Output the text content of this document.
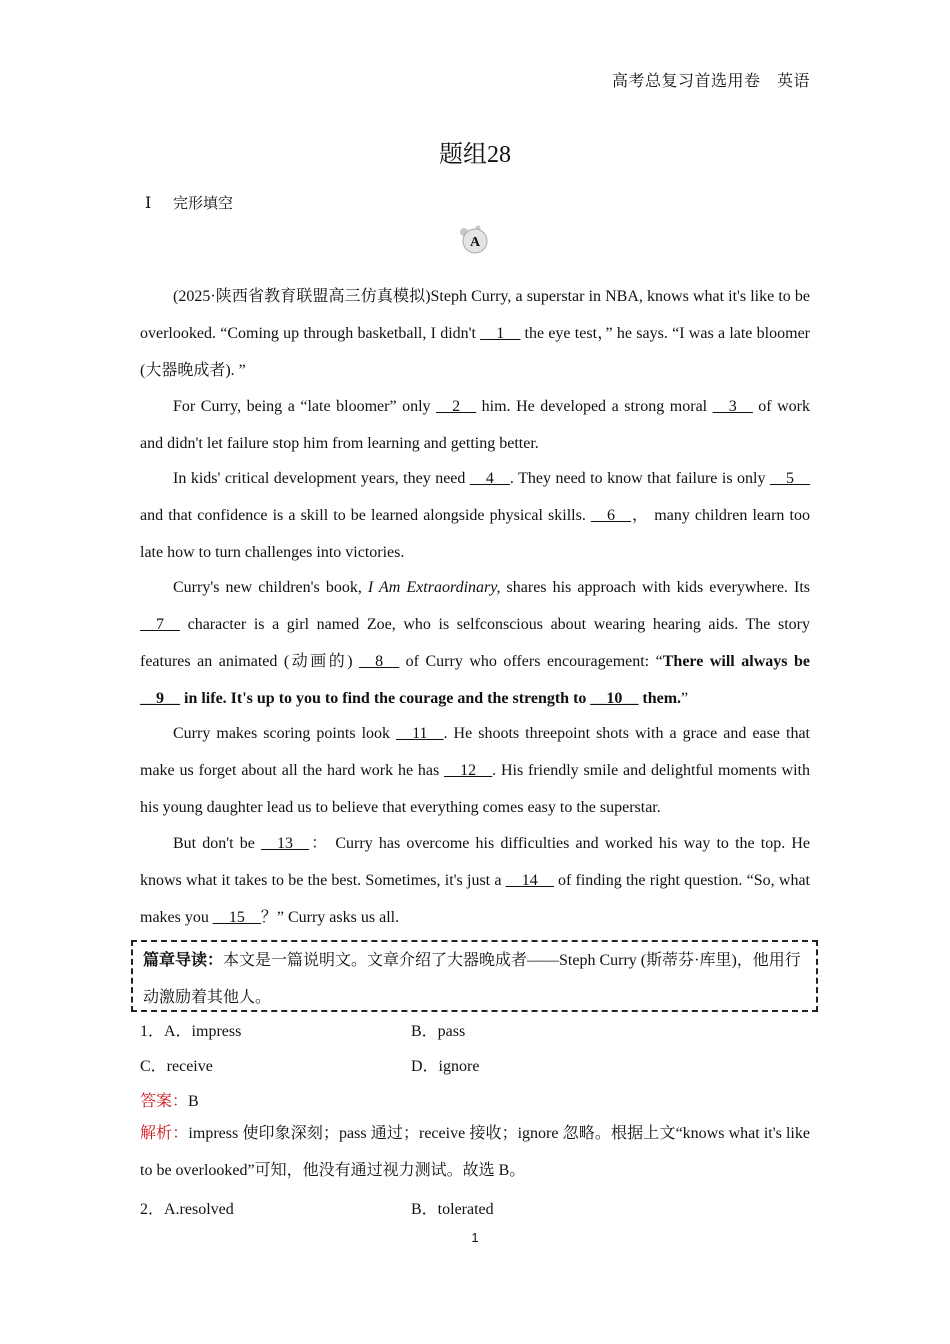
高考总复习首选用卷　英语
题组28
Ⅰ 完形填空
A

(2025·陕西省教育联盟高三仿真模拟)Steph Curry, a superstar in NBA, knows what it's like to be overlooked. “Coming up through basketball, I didn't __1__ the eye test，” he says. “I was a late bloomer (大器晚成者). ”

For Curry, being a “late bloomer” only __2__ him. He developed a strong moral __3__ of work and didn't let failure stop him from learning and getting better.

In kids' critical development years, they need __4__. They need to know that failure is only __5__ and that confidence is a skill to be learned alongside physical skills. __6__， many children learn too late how to turn challenges into victories.

Curry's new children's book, I Am Extraordinary, shares his approach with kids everywhere. Its __7__ character is a girl named Zoe, who is selfconscious about wearing hearing aids. The story features an animated (动画的) __8__ of Curry who offers encouragement: “There will always be __9__ in life. It's up to you to find the courage and the strength to __10__ them.”

Curry makes scoring points look __11__. He shoots threepoint shots with a grace and ease that make us forget about all the hard work he has __12__. His friendly smile and delightful moments with his young daughter lead us to believe that everything comes easy to the superstar.

But don't be __13__： Curry has overcome his difficulties and worked his way to the top. He knows what it takes to be the best. Sometimes, it's just a __14__ of finding the right question. “So, what makes you __15__？” Curry asks us all.

篇章导读：本文是一篇说明文。文章介绍了大器晚成者——Steph Curry (斯蒂芬·库里)，他用行动激励着其他人。
1．A．impress	B．pass
C．receive	D．ignore
答案：B

解析：impress 使印象深刻；pass 通过；receive 接收；ignore 忽略。根据上文“knows what it's like to be overlooked”可知，他没有通过视力测试。故选 B。

2．A.resolved	B．tolerated
1
